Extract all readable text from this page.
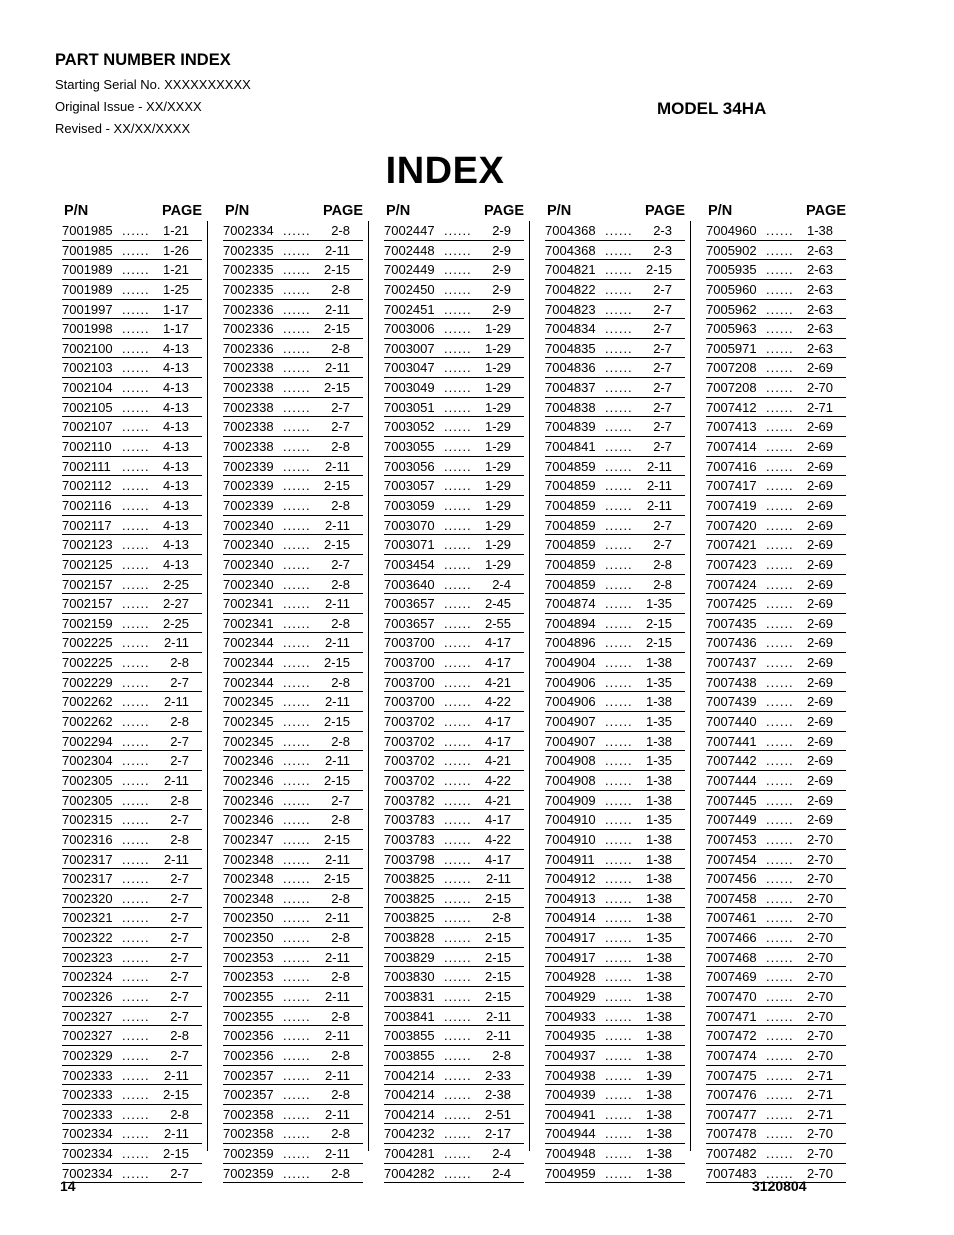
PART NUMBER INDEX
Starting Serial No. XXXXXXXXXX
Original Issue - XX/XXXX
Revised - XX/XX/XXXX
MODEL 34HA
INDEX
P/N	PAGE
7001985 ...... 1-21
7001985 ...... 1-26
7001989 ...... 1-21
7001989 ...... 1-25
7001997 ...... 1-17
7001998 ...... 1-17
7002100 ...... 4-13
7002103 ...... 4-13
7002104 ...... 4-13
7002105 ...... 4-13
7002107 ...... 4-13
7002110 ...... 4-13
7002111 ...... 4-13
7002112 ...... 4-13
7002116 ...... 4-13
7002117 ...... 4-13
7002123 ...... 4-13
7002125 ...... 4-13
7002157 ...... 2-25
7002157 ...... 2-27
7002159 ...... 2-25
7002225 ...... 2-11
7002225 ...... 2-8
7002229 ...... 2-7
7002262 ...... 2-11
7002262 ...... 2-8
7002294 ...... 2-7
7002304 ...... 2-7
7002305 ...... 2-11
7002305 ...... 2-8
7002315 ...... 2-7
7002316 ...... 2-8
7002317 ...... 2-11
7002317 ...... 2-7
7002320 ...... 2-7
7002321 ...... 2-7
7002322 ...... 2-7
7002323 ...... 2-7
7002324 ...... 2-7
7002326 ...... 2-7
7002327 ...... 2-7
7002327 ...... 2-8
7002329 ...... 2-7
7002333 ...... 2-11
7002333 ...... 2-15
7002333 ...... 2-8
7002334 ...... 2-11
7002334 ...... 2-15
7002334 ...... 2-7
P/N	PAGE
7002334 ...... 2-8
7002335 ...... 2-11
7002335 ...... 2-15
7002335 ...... 2-8
7002336 ...... 2-11
7002336 ...... 2-15
7002336 ...... 2-8
7002338 ...... 2-11
7002338 ...... 2-15
7002338 ...... 2-7
7002338 ...... 2-7
7002338 ...... 2-8
7002339 ...... 2-11
7002339 ...... 2-15
7002339 ...... 2-8
7002340 ...... 2-11
7002340 ...... 2-15
7002340 ...... 2-7
7002340 ...... 2-8
7002341 ...... 2-11
7002341 ...... 2-8
7002344 ...... 2-11
7002344 ...... 2-15
7002344 ...... 2-8
7002345 ...... 2-11
7002345 ...... 2-15
7002345 ...... 2-8
7002346 ...... 2-11
7002346 ...... 2-15
7002346 ...... 2-7
7002346 ...... 2-8
7002347 ...... 2-15
7002348 ...... 2-11
7002348 ...... 2-15
7002348 ...... 2-8
7002350 ...... 2-11
7002350 ...... 2-8
7002353 ...... 2-11
7002353 ...... 2-8
7002355 ...... 2-11
7002355 ...... 2-8
7002356 ...... 2-11
7002356 ...... 2-8
7002357 ...... 2-11
7002357 ...... 2-8
7002358 ...... 2-11
7002358 ...... 2-8
7002359 ...... 2-11
7002359 ...... 2-8
P/N	PAGE
7002447 ...... 2-9
7002448 ...... 2-9
7002449 ...... 2-9
7002450 ...... 2-9
7002451 ...... 2-9
7003006 ...... 1-29
7003007 ...... 1-29
7003047 ...... 1-29
7003049 ...... 1-29
7003051 ...... 1-29
7003052 ...... 1-29
7003055 ...... 1-29
7003056 ...... 1-29
7003057 ...... 1-29
7003059 ...... 1-29
7003070 ...... 1-29
7003071 ...... 1-29
7003454 ...... 1-29
7003640 ...... 2-4
7003657 ...... 2-45
7003657 ...... 2-55
7003700 ...... 4-17
7003700 ...... 4-17
7003700 ...... 4-21
7003700 ...... 4-22
7003702 ...... 4-17
7003702 ...... 4-17
7003702 ...... 4-21
7003702 ...... 4-22
7003782 ...... 4-21
7003783 ...... 4-17
7003783 ...... 4-22
7003798 ...... 4-17
7003825 ...... 2-11
7003825 ...... 2-15
7003825 ...... 2-8
7003828 ...... 2-15
7003829 ...... 2-15
7003830 ...... 2-15
7003831 ...... 2-15
7003841 ...... 2-11
7003855 ...... 2-11
7003855 ...... 2-8
7004214 ...... 2-33
7004214 ...... 2-38
7004214 ...... 2-51
7004232 ...... 2-17
7004281 ...... 2-4
7004282 ...... 2-4
P/N	PAGE
7004368 ...... 2-3
7004368 ...... 2-3
7004821 ...... 2-15
7004822 ...... 2-7
7004823 ...... 2-7
7004834 ...... 2-7
7004835 ...... 2-7
7004836 ...... 2-7
7004837 ...... 2-7
7004838 ...... 2-7
7004839 ...... 2-7
7004841 ...... 2-7
7004859 ...... 2-11
7004859 ...... 2-11
7004859 ...... 2-11
7004859 ...... 2-7
7004859 ...... 2-7
7004859 ...... 2-8
7004859 ...... 2-8
7004874 ...... 1-35
7004894 ...... 2-15
7004896 ...... 2-15
7004904 ...... 1-38
7004906 ...... 1-35
7004906 ...... 1-38
7004907 ...... 1-35
7004907 ...... 1-38
7004908 ...... 1-35
7004908 ...... 1-38
7004909 ...... 1-38
7004910 ...... 1-35
7004910 ...... 1-38
7004911 ...... 1-38
7004912 ...... 1-38
7004913 ...... 1-38
7004914 ...... 1-38
7004917 ...... 1-35
7004917 ...... 1-38
7004928 ...... 1-38
7004929 ...... 1-38
7004933 ...... 1-38
7004935 ...... 1-38
7004937 ...... 1-38
7004938 ...... 1-39
7004939 ...... 1-38
7004941 ...... 1-38
7004944 ...... 1-38
7004948 ...... 1-38
7004959 ...... 1-38
P/N	PAGE
7004960 ...... 1-38
7005902 ...... 2-63
7005935 ...... 2-63
7005960 ...... 2-63
7005962 ...... 2-63
7005963 ...... 2-63
7005971 ...... 2-63
7007208 ...... 2-69
7007208 ...... 2-70
7007412 ...... 2-71
7007413 ...... 2-69
7007414 ...... 2-69
7007416 ...... 2-69
7007417 ...... 2-69
7007419 ...... 2-69
7007420 ...... 2-69
7007421 ...... 2-69
7007423 ...... 2-69
7007424 ...... 2-69
7007425 ...... 2-69
7007435 ...... 2-69
7007436 ...... 2-69
7007437 ...... 2-69
7007438 ...... 2-69
7007439 ...... 2-69
7007440 ...... 2-69
7007441 ...... 2-69
7007442 ...... 2-69
7007444 ...... 2-69
7007445 ...... 2-69
7007449 ...... 2-69
7007453 ...... 2-70
7007454 ...... 2-70
7007456 ...... 2-70
7007458 ...... 2-70
7007461 ...... 2-70
7007466 ...... 2-70
7007468 ...... 2-70
7007469 ...... 2-70
7007470 ...... 2-70
7007471 ...... 2-70
7007472 ...... 2-70
7007474 ...... 2-70
7007475 ...... 2-71
7007476 ...... 2-71
7007477 ...... 2-71
7007478 ...... 2-70
7007482 ...... 2-70
7007483 ...... 2-70
14	3120804
